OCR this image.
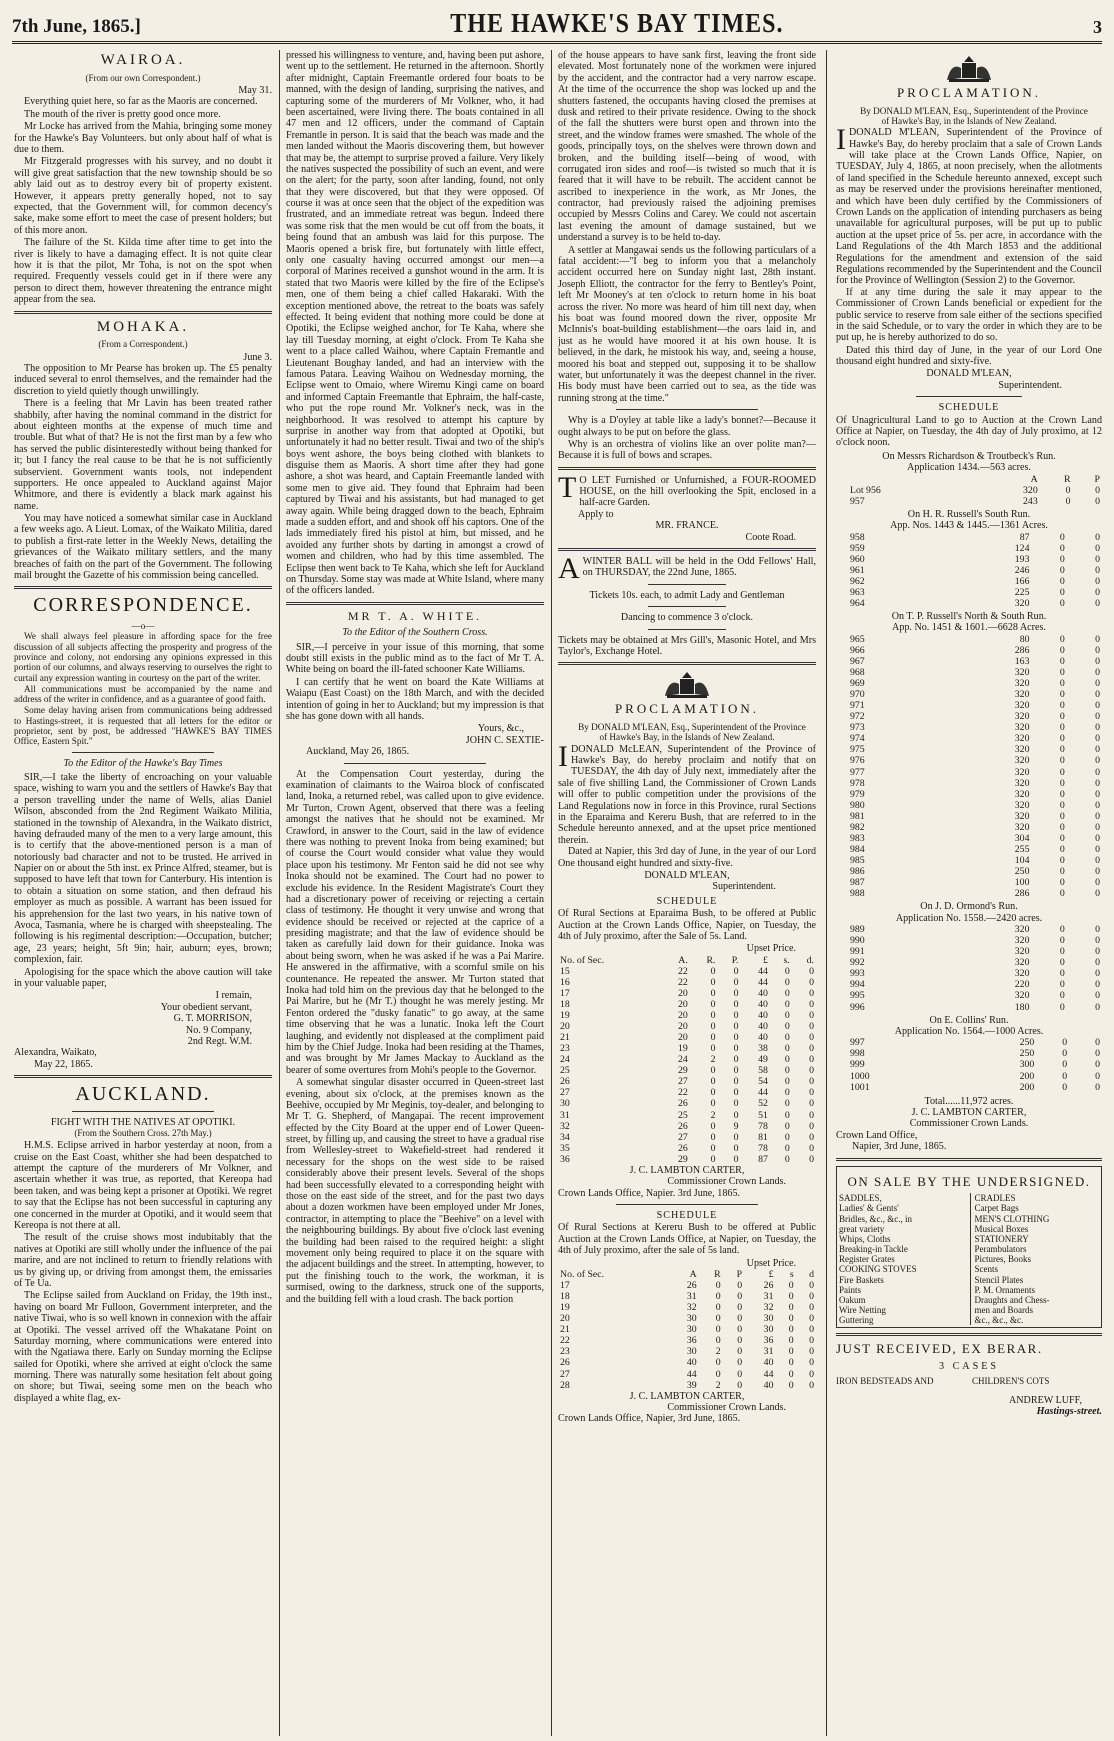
7th June, 1865.]	THE HAWKE'S BAY TIMES.	3
WAIROA.
(From our own Correspondent.)
May 31.

Everything quiet here, so far as the Maoris are concerned.

The mouth of the river is pretty good once more.

Mr Locke has arrived from the Mahia, bringing some money for the Hawke's Bay Volunteers. but only about half of what is due to them.

Mr Fitzgerald progresses with his survey, and no doubt it will give great satisfaction that the new township should be so ably laid out as to destroy every bit of property existent. However, it appears pretty generally hoped, not to say expected, that the Government will, for common decency's sake, make some effort to meet the case of present holders; but of this more anon.

The failure of the St. Kilda time after time to get into the river is likely to have a damaging effect. It is not quite clear how it is that the pilot, Mr Toha, is not on the spot when required. Frequently vessels could get in if there were any person to direct them, however threatening the entrance might appear from the sea.

MOHAKA.
(From a Correspondent.)
June 3.

The opposition to Mr Pearse has broken up. The £5 penalty induced several to enrol themselves, and the remainder had the discretion to yield quietly though unwillingly.

There is a feeling that Mr Lavin has been treated rather shabbily, after having the nominal command in the district for about eighteen months at the expense of much time and trouble. But what of that? He is not the first man by a few who has served the public disinterestedly without being thanked for it; but I fancy the real cause to be that he is not sufficiently subservient. Government wants tools, not independent supporters. He once appealed to Auckland against Major Whitmore, and there is evidently a black mark against his name.

You may have noticed a somewhat similar case in Auckland a few weeks ago. A Lieut. Lomax, of the Waikato Militia, dared to publish a first-rate letter in the Weekly News, detailing the grievances of the Waikato military settlers, and the many breaches of faith on the part of the Government. The following mail brought the Gazette of his commission being cancelled.

CORRESPONDENCE.
—o—

We shall always feel pleasure in affording space for the free discussion of all subjects affecting the prosperity and progress of the province and colony, not endorsing any opinions expressed in this portion of our columns, and always reserving to ourselves the right to curtail any expression wanting in courtesy on the part of the writer.

All communications must be accompanied by the name and address of the writer in confidence, and as a guarantee of good faith.

Some delay having arisen from communications being addressed to Hastings-street, it is requested that all letters for the editor or proprietor, sent by post, be addressed "HAWKE'S BAY TIMES Office, Eastern Spit."

To the Editor of the Hawke's Bay Times

SIR,—I take the liberty of encroaching on your valuable space, wishing to warn you and the settlers of Hawke's Bay that a person travelling under the name of Wells, alias Daniel Wilson, absconded from the 2nd Regiment Waikato Militia, stationed in the township of Alexandra, in the Waikato district, having defrauded many of the men to a very large amount, this is to certify that the above-mentioned person is a man of notoriously bad character and not to be trusted. He arrived in Napier on or about the 5th inst. ex Prince Alfred, steamer, but is supposed to have left that town for Canterbury. His intention is to obtain a situation on some station, and then defraud his employer as much as possible. A warrant has been issued for his apprehension for the last two years, in his native town of Avoca, Tasmania, where he is charged with sheepstealing. The following is his regimental description:—Occupation, butcher; age, 23 years; height, 5ft 9in; hair, auburn; eyes, brown; complexion, fair.

Apologising for the space which the above caution will take in your valuable paper,

I remain,
Your obedient servant,
G. T. MORRISON,
No. 9 Company,
2nd Regt. W.M.
Alexandra, Waikato,
May 22, 1865.
AUCKLAND.
FIGHT WITH THE NATIVES AT OPOTIKI.
(From the Southern Cross. 27th May.)

H.M.S. Eclipse arrived in harbor yesterday at noon, from a cruise on the East Coast, whither she had been despatched to attempt the capture of the murderers of Mr Volkner, and ascertain whether it was true, as reported, that Kereopa had been taken, and was being kept a prisoner at Opotiki. We regret to say that the Eclipse has not been successful in capturing any one concerned in the murder at Opotiki, and it would seem that Kereopa is not there at all.

The result of the cruise shows most indubitably that the natives at Opotiki are still wholly under the influence of the pai marire, and are not inclined to return to friendly relations with us by giving up, or driving from amongst them, the emissaries of Te Ua.

The Eclipse sailed from Auckland on Friday, the 19th inst., having on board Mr Fulloon, Government interpreter, and the native Tiwai, who is so well known in connexion with the affair at Opotiki. The vessel arrived off the Whakatane Point on Saturday morning, where communications were entered into with the Ngatiawa there. Early on Sunday morning the Eclipse sailed for Opotiki, where she arrived at eight o'clock the same morning. There was naturally some hesitation felt about going on shore; but Tiwai, seeing some men on the beach who displayed a white flag, ex-

pressed his willingness to venture, and, having been put ashore, went up to the settlement. He returned in the afternoon. Shortly after midnight, Captain Freemantle ordered four boats to be manned, with the design of landing, surprising the natives, and capturing some of the murderers of Mr Volkner, who, it had been ascertained, were living there. The boats contained in all 47 men and 12 officers, under the command of Captain Fremantle in person. It is said that the beach was made and the men landed without the Maoris discovering them, but however that may be, the attempt to surprise proved a failure. Very likely the natives suspected the possibility of such an event, and were on the alert; for the party, soon after landing, found, not only that they were discovered, but that they were opposed. Of course it was at once seen that the object of the expedition was frustrated, and an immediate retreat was begun. Indeed there was some risk that the men would be cut off from the boats, it being found that an ambush was laid for this purpose. The Maoris opened a brisk fire, but fortunately with little effect, only one casualty having occurred amongst our men—a corporal of Marines received a gunshot wound in the arm. It is stated that two Maoris were killed by the fire of the Eclipse's men, one of them being a chief called Hakaraki. With the exception mentioned above, the retreat to the boats was safely effected. It being evident that nothing more could be done at Opotiki, the Eclipse weighed anchor, for Te Kaha, where she lay till Tuesday morning, at eight o'clock. From Te Kaha she went to a place called Waihou, where Captain Fremantle and Lieutenant Boughay landed, and had an interview with the famous Patara. Leaving Waihou on Wednesday morning, the Eclipse went to Omaio, where Wiremu Kingi came on board and informed Captain Freemantle that Ephraim, the half-caste, who put the rope round Mr. Volkner's neck, was in the neighborhood. It was resolved to attempt his capture by surprise in another way from that adopted at Opotiki, but unfortunately it had no better result. Tiwai and two of the ship's boys went ashore, the boys being clothed with blankets to disguise them as Maoris. A short time after they had gone ashore, a shot was heard, and Captain Freemantle landed with some men to give aid. They found that Ephraim had been captured by Tiwai and his assistants, but had managed to get away again. While being dragged down to the beach, Ephraim made a sudden effort, and and shook off his captors. One of the lads immediately fired his pistol at him, but missed, and he avoided any further shots by darting in amongst a crowd of women and children, who had by this time assembled. The Eclipse then went back to Te Kaha, which she left for Auckland on Thursday. Some stay was made at White Island, where many of the officers landed.

MR T. A. WHITE.
To the Editor of the Southern Cross.

SIR,—I perceive in your issue of this morning, that some doubt still exists in the public mind as to the fact of Mr T. A. White being on board the ill-fated schooner Kate Williams.

I can certify that he went on board the Kate Williams at Waiapu (East Coast) on the 18th March, and with the decided intention of going in her to Auckland; but my impression is that she has gone down with all hands.

Yours, &c.,
JOHN C. SEXTIE-
Auckland, May 26, 1865.

At the Compensation Court yesterday, during the examination of claimants to the Wairoa block of confiscated land, Inoka, a returned rebel, was called upon to give evidence. Mr Turton, Crown Agent, observed that there was a feeling amongst the natives that he should not be examined. Mr Crawford, in answer to the Court, said in the law of evidence there was nothing to prevent Inoka from being examined; but of course the Court would consider what value they would place upon his testimony. Mr Fenton said he did not see why Inoka should not be examined. The Court had no power to exclude his evidence. In the Resident Magistrate's Court they had a discretionary power of receiving or rejecting a certain class of testimony. He thought it very unwise and wrong that evidence should be received or rejected at the caprice of a presiding magistrate; and that the law of evidence should be taken as carefully laid down for their guidance. Inoka was about being sworn, when he was asked if he was a Pai Marire. He answered in the affirmative, with a scornful smile on his countenance. He repeated the answer. Mr Turton stated that Inoka had told him on the previous day that he belonged to the Pai Marire, but he (Mr T.) thought he was merely jesting. Mr Fenton ordered the "dusky fanatic" to go away, at the same time observing that he was a lunatic. Inoka left the Court laughing, and evidently not displeased at the compliment paid him by the Chief Judge. Inoka had been residing at the Thames, and was brought by Mr James Mackay to Auckland as the bearer of some overtures from Mohi's people to the Governor.

A somewhat singular disaster occurred in Queen-street last evening, about six o'clock, at the premises known as the Beehive, occupied by Mr Meginis, toy-dealer, and belonging to Mr T. G. Shepherd, of Mangapai. The recent improvement effected by the City Board at the upper end of Lower Queen-street, by filling up, and causing the street to have a gradual rise from Wellesley-street to Wakefield-street had rendered it necessary for the shops on the west side to be raised considerably above their present levels. Several of the shops had been successfully elevated to a corresponding height with those on the east side of the street, and for the past two days about a dozen workmen have been employed under Mr Jones, contractor, in attempting to place the "Beehive" on a level with the neighbouring buildings. By about five o'clock last evening the building had been raised to the required height: a slight movement only being required to place it on the square with the adjacent buildings and the street. In attempting, however, to put the finishing touch to the work, the workman, it is surmised, owing to the darkness, struck one of the supports, and the building fell with a loud crash. The back portion

of the house appears to have sank first, leaving the front side elevated. Most fortunately none of the workmen were injured by the accident, and the contractor had a very narrow escape. At the time of the occurrence the shop was locked up and the shutters fastened, the occupants having closed the premises at dusk and retired to their private residence. Owing to the shock of the fall the shutters were burst open and thrown into the street, and the window frames were smashed. The whole of the goods, principally toys, on the shelves were thrown down and broken, and the building itself—being of wood, with corrugated iron sides and roof—is twisted so much that it is feared that it will have to be rebuilt. The accident cannot be ascribed to inexperience in the work, as Mr Jones, the contractor, had previously raised the adjoining premises occupied by Messrs Colins and Carey. We could not ascertain last evening the amount of damage sustained, but we understand a survey is to be held to-day.

A settler at Mangawai sends us the following particulars of a fatal accident:—"I beg to inform you that a melancholy accident occurred here on Sunday night last, 28th instant. Joseph Elliott, the contractor for the ferry to Bentley's Point, left Mr Mooney's at ten o'clock to return home in his boat across the river. No more was heard of him till next day, when his boat was found moored down the river, opposite Mr McInnis's boat-building establishment—the oars laid in, and just as he would have moored it at his own house. It is believed, in the dark, he mistook his way, and, seeing a house, moored his boat and stepped out, supposing it to be shallow water, but unfortunately it was the deepest channel in the river. His body must have been carried out to sea, as the tide was running strong at the time."

Why is a D'oyley at table like a lady's bonnet?—Because it ought always to be put on before the glass.

Why is an orchestra of violins like an over polite man?—Because it is full of bows and scrapes.

T O LET Furnished or Unfurnished, a FOUR-ROOMED HOUSE, on the hill overlooking the Spit, enclosed in a half-acre Garden.
Apply to
MR. FRANCE.
Coote Road.
A WINTER BALL will be held in the Odd Fellows' Hall, on THURSDAY, the 22nd June, 1865.
Tickets 10s. each, to admit Lady and Gentleman
Dancing to commence 3 o'clock.

Tickets may be obtained at Mrs Gill's, Masonic Hotel, and Mrs Taylor's, Exchange Hotel.

PROCLAMATION.

By DONALD M'LEAN, Esq., Superintendent of the Province of Hawke's Bay, in the Islands of New Zealand.

I DONALD McLEAN, Superintendent of the Province of Hawke's Bay, do hereby proclaim and notify that on TUESDAY, the 4th day of July next, immediately after the sale of five shilling Land, the Commissioner of Crown Lands will offer to public competition under the provisions of the Land Regulations now in force in this Province, rural Sections in the Eparaima and Kereru Bush, that are referred to in the Schedule hereunto annexed, and at the upset price mentioned therein.

Dated at Napier, this 3rd day of June, in the year of our Lord One thousand eight hundred and sixty-five.

DONALD M'LEAN,
Superintendent.
SCHEDULE

Of Rural Sections at Eparaima Bush, to be offered at Public Auction at the Crown Lands Office, Napier, on Tuesday, the 4th of July proximo, after the Sale of 5s. Land.

Upset Price.
No. of Sec.	A.	R.	P.	£	s.	d.
15	22	0	0	44	0	0
16	22	0	0	44	0	0
17	20	0	0	40	0	0
18	20	0	0	40	0	0
19	20	0	0	40	0	0
20	20	0	0	40	0	0
21	20	0	0	40	0	0
23	19	0	0	38	0	0
24	24	2	0	49	0	0
25	29	0	0	58	0	0
26	27	0	0	54	0	0
27	22	0	0	44	0	0
30	26	0	0	52	0	0
31	25	2	0	51	0	0
32	26	0	9	78	0	0
34	27	0	0	81	0	0
35	26	0	0	78	0	0
36	29	0	0	87	0	0
J. C. LAMBTON CARTER,
Commissioner Crown Lands.
Crown Lands Office, Napier. 3rd June, 1865.
SCHEDULE

Of Rural Sections at Kereru Bush to be offered at Public Auction at the Crown Lands Office, at Napier, on Tuesday, the 4th of July proximo, after the sale of 5s land.

Upset Price.
No. of Sec.	A	R	P	£	s	d
17	26	0	0	26	0	0
18	31	0	0	31	0	0
19	32	0	0	32	0	0
20	30	0	0	30	0	0
21	30	0	0	30	0	0
22	36	0	0	36	0	0
23	30	2	0	31	0	0
26	40	0	0	40	0	0
27	44	0	0	44	0	0
28	39	2	0	40	0	0
J. C. LAMBTON CARTER,
Commissioner Crown Lands.
Crown Lands Office, Napier, 3rd June, 1865.
PROCLAMATION.

By DONALD M'LEAN, Esq., Superintendent of the Province of Hawke's Bay, in the Islands of New Zealand.

I DONALD M'LEAN, Superintendent of the Province of Hawke's Bay, do hereby proclaim that a sale of Crown Lands will take place at the Crown Lands Office, Napier, on TUESDAY, July 4, 1865, at noon precisely, when the allotments of land specified in the Schedule hereunto annexed, except such as may be reserved under the provisions hereinafter mentioned, and which have been duly certified by the Commissioners of Crown Lands on the application of intending purchasers as being unavailable for agricultural purposes, will be put up to public auction at the upset price of 5s. per acre, in accordance with the Land Regulations of the 4th March 1853 and the additional Regulations for the amendment and extension of the said Regulations recommended by the Superintendent and the Council for the Province of Wellington (Session 2) to the Governor.

If at any time during the sale it may appear to the Commissioner of Crown Lands beneficial or expedient for the public service to reserve from sale either of the sections specified in the said Schedule, or to vary the order in which they are to be put up, he is hereby authorized to do so.

Dated this third day of June, in the year of our Lord One thousand eight hundred and sixty-five.

DONALD M'LEAN,
Superintendent.
SCHEDULE

Of Unagricultural Land to go to Auction at the Crown Land Office at Napier, on Tuesday, the 4th day of July proximo, at 12 o'clock noon.

On Messrs Richardson & Troutbeck's Run.
Application 1434.—563 acres.
	A	R	P
Lot 956	320	0	0
957	243	0	0
On H. R. Russell's South Run.
App. Nos. 1443 & 1445.—1361 Acres.
958	87	0	0
959	124	0	0
960	193	0	0
961	246	0	0
962	166	0	0
963	225	0	0
964	320	0	0
On T. P. Russell's North & South Run.
App. No. 1451 & 1601.—6628 Acres.
965	80	0	0
966	286	0	0
967	163	0	0
968	320	0	0
969	320	0	0
970	320	0	0
971	320	0	0
972	320	0	0
973	320	0	0
974	320	0	0
975	320	0	0
976	320	0	0
977	320	0	0
978	320	0	0
979	320	0	0
980	320	0	0
981	320	0	0
982	320	0	0
983	304	0	0
984	255	0	0
985	104	0	0
986	250	0	0
987	100	0	0
988	286	0	0
On J. D. Ormond's Run.
Application No. 1558.—2420 acres.
989	320	0	0
990	320	0	0
991	320	0	0
992	320	0	0
993	320	0	0
994	220	0	0
995	320	0	0
996	180	0	0
On E. Collins' Run.
Application No. 1564.—1000 Acres.
997	250	0	0
998	250	0	0
999	300	0	0
1000	200	0	0
1001	200	0	0
Total......11,972 acres.
J. C. LAMBTON CARTER,
Commissioner Crown Lands.
Crown Land Office,
Napier, 3rd June, 1865.
ON SALE BY THE UNDERSIGNED.
SADDLES,
Ladies' & Gents'
Bridles, &c., &c., in
great variety
Whips, Cloths
Breaking-in Tackle
Register Grates
COOKING STOVES
Fire Baskets
Paints
Oakum
Wire Netting
Guttering
CRADLES
Carpet Bags
MEN'S CLOTHING
Musical Boxes
STATIONERY
Perambulators
Pictures, Books
Scents
Stencil Plates
P. M. Ornaments
Draughts and Chess-
men and Boards
&c., &c., &c.
JUST RECEIVED, EX BERAR.
3 CASES
IRON BEDSTEADS AND	CHILDREN'S COTS
ANDREW LUFF,
Hastings-street.
